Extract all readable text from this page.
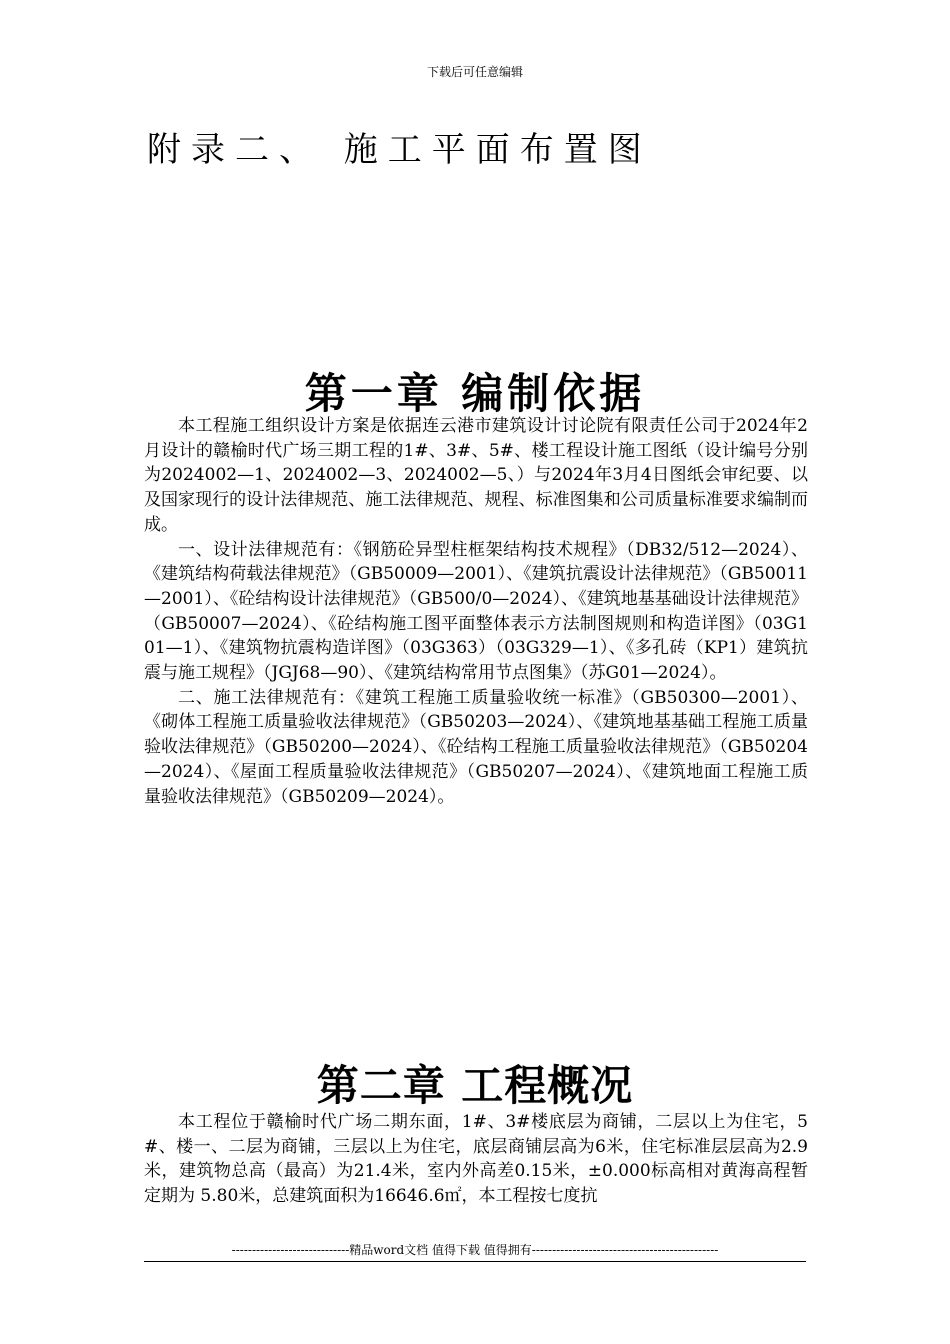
下载后可任意编辑
附录二、 施工平面布置图
第一章 编制依据

本工程施工组织设计方案是依据连云港市建筑设计讨论院有限责任公司于2024年2月设计的赣榆时代广场三期工程的1#、3#、5#、楼工程设计施工图纸（设计编号分别为2024002—1、2024002—3、2024002—5、）与2024年3月4日图纸会审纪要、以及国家现行的设计法律规范、施工法律规范、规程、标准图集和公司质量标准要求编制而成。

一、设计法律规范有：《钢筋砼异型柱框架结构技术规程》（DB32/512—2024）、《建筑结构荷载法律规范》（GB50009—2001）、《建筑抗震设计法律规范》（GB50011—2001）、《砼结构设计法律规范》（GB500/0—2024）、《建筑地基基础设计法律规范》（GB50007—2024）、《砼结构施工图平面整体表示方法制图规则和构造详图》（03G101—1）、《建筑物抗震构造详图》（03G363）（03G329—1）、《多孔砖（KP1）建筑抗震与施工规程》（JGJ68—90）、《建筑结构常用节点图集》（苏G01—2024）。

二、施工法律规范有：《建筑工程施工质量验收统一标准》（GB50300—2001）、《砌体工程施工质量验收法律规范》（GB50203—2024）、《建筑地基基础工程施工质量验收法律规范》（GB50200—2024）、《砼结构工程施工质量验收法律规范》（GB50204—2024）、《屋面工程质量验收法律规范》（GB50207—2024）、《建筑地面工程施工质量验收法律规范》（GB50209—2024）。

第二章 工程概况

本工程位于赣榆时代广场二期东面，1#、3#楼底层为商铺，二层以上为住宅，5#、楼一、二层为商铺，三层以上为住宅，底层商铺层高为6米，住宅标准层层高为2.9米，建筑物总高（最高）为21.4米，室内外高差0.15米，±0.000标高相对黄海高程暂定期为 5.80米，总建筑面积为16646.6㎡，本工程按七度抗

-----------------------------精品word文档 值得下载 值得拥有----------------------------------------------
